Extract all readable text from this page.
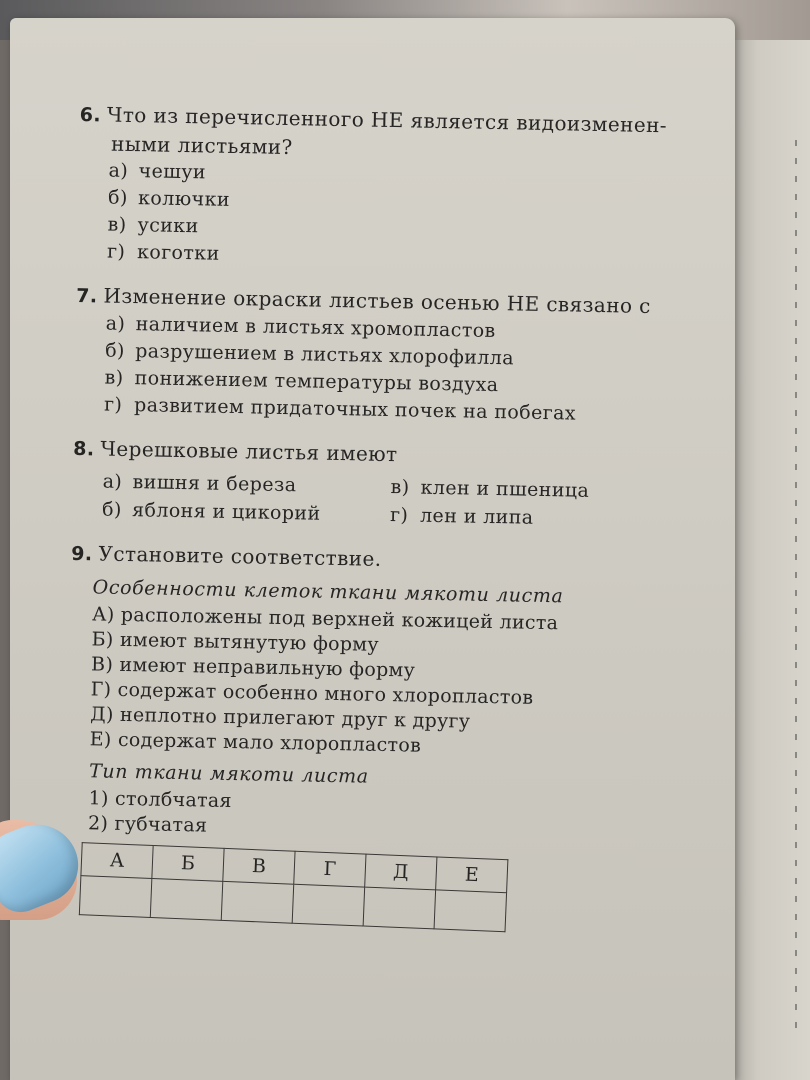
6. Что из перечисленного НЕ является видоизменен-
ными листьями?
а) чешуи
б) колючки
в) усики
г) коготки
7. Изменение окраски листьев осенью НЕ связано с
а) наличием в листьях хромопластов
б) разрушением в листьях хлорофилла
в) понижением температуры воздуха
г) развитием придаточных почек на побегах
8. Черешковые листья имеют
а) вишня и береза	в) клен и пшеница
б) яблоня и цикорий	г) лен и липа
9. Установите соответствие.
Особенности клеток ткани мякоти листа
А) расположены под верхней кожицей листа
Б) имеют вытянутую форму
В) имеют неправильную форму
Г) содержат особенно много хлоропластов
Д) неплотно прилегают друг к другу
Е) содержат мало хлоропластов
Тип ткани мякоти листа
1) столбчатая
2) губчатая
А	Б	В	Г	Д	Е
